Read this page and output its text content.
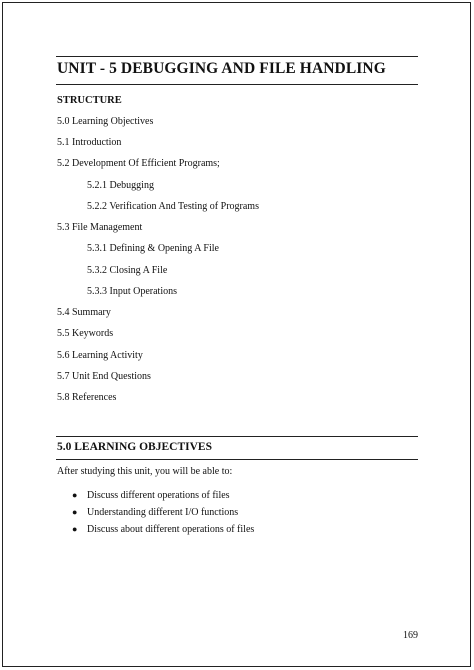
UNIT - 5 DEBUGGING AND FILE HANDLING
STRUCTURE
5.0 Learning Objectives
5.1 Introduction
5.2 Development Of Efficient Programs;
5.2.1 Debugging
5.2.2 Verification And Testing of Programs
5.3 File Management
5.3.1 Defining & Opening A File
5.3.2 Closing A File
5.3.3 Input Operations
5.4 Summary
5.5 Keywords
5.6 Learning Activity
5.7 Unit End Questions
5.8 References
5.0 LEARNING OBJECTIVES
After studying this unit, you will be able to:
● Discuss different operations of files
● Understanding different I/O functions
● Discuss about different operations of files
169
